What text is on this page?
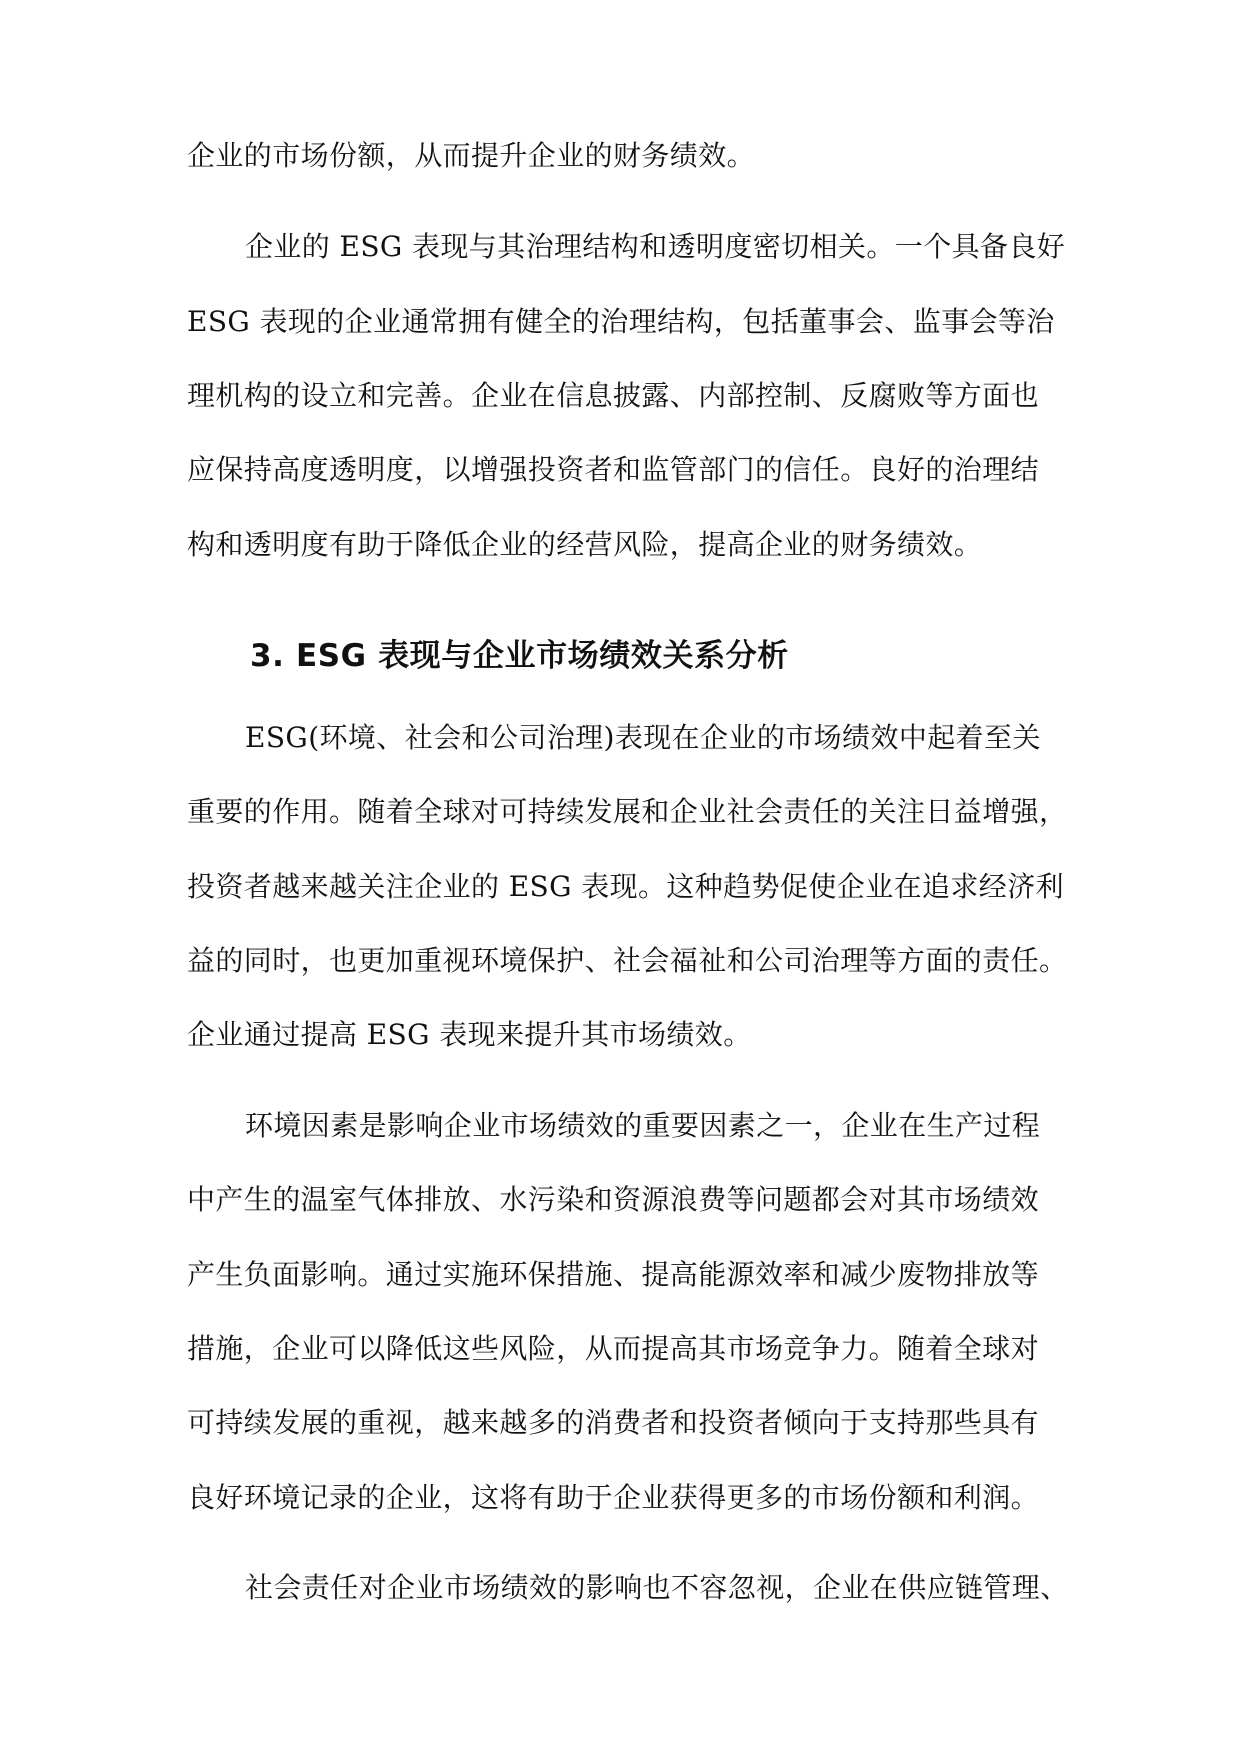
企业的市场份额，从而提升企业的财务绩效。

企业的 ESG 表现与其治理结构和透明度密切相关。一个具备良好

ESG 表现的企业通常拥有健全的治理结构，包括董事会、监事会等治

理机构的设立和完善。企业在信息披露、内部控制、反腐败等方面也

应保持高度透明度，以增强投资者和监管部门的信任。良好的治理结

构和透明度有助于降低企业的经营风险，提高企业的财务绩效。

3. ESG 表现与企业市场绩效关系分析

ESG(环境、社会和公司治理)表现在企业的市场绩效中起着至关

重要的作用。随着全球对可持续发展和企业社会责任的关注日益增强，

投资者越来越关注企业的 ESG 表现。这种趋势促使企业在追求经济利

益的同时，也更加重视环境保护、社会福祉和公司治理等方面的责任。

企业通过提高 ESG 表现来提升其市场绩效。

环境因素是影响企业市场绩效的重要因素之一，企业在生产过程

中产生的温室气体排放、水污染和资源浪费等问题都会对其市场绩效

产生负面影响。通过实施环保措施、提高能源效率和减少废物排放等

措施，企业可以降低这些风险，从而提高其市场竞争力。随着全球对

可持续发展的重视，越来越多的消费者和投资者倾向于支持那些具有

良好环境记录的企业，这将有助于企业获得更多的市场份额和利润。

社会责任对企业市场绩效的影响也不容忽视，企业在供应链管理、
